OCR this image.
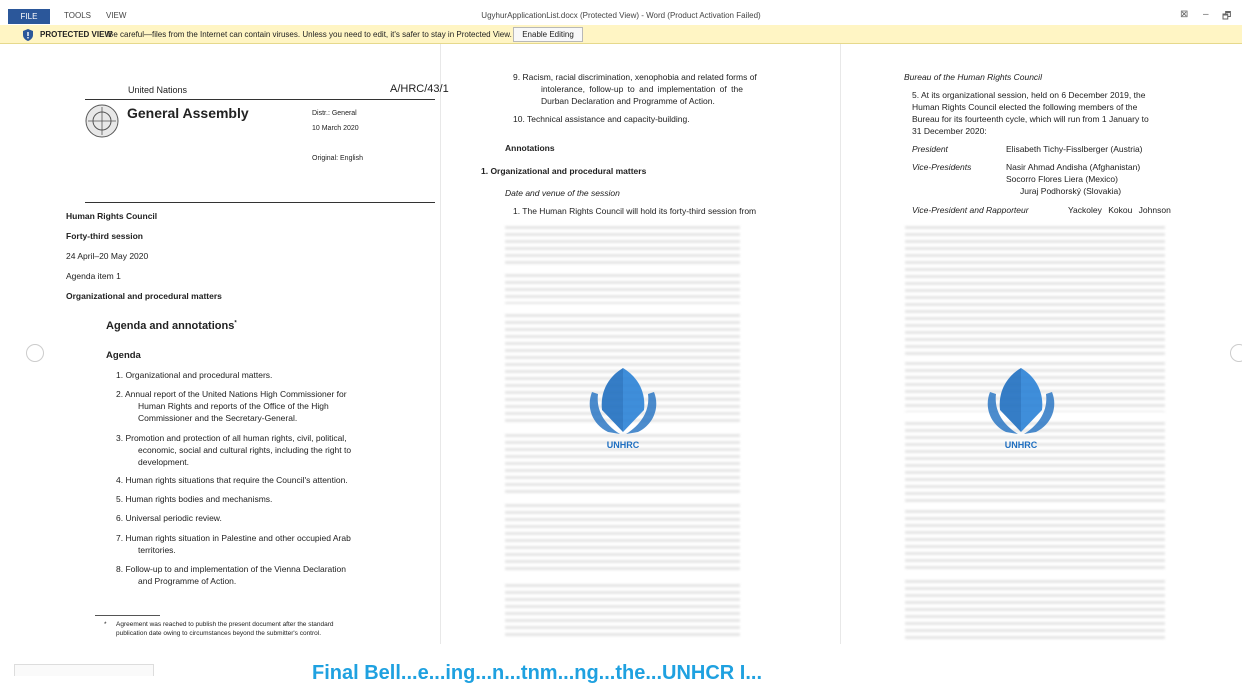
FILE	TOOLS VIEW	UgyhurApplicationList.docx (Protected View) - Word (Product Activation Failed)	⊠ – 🗗
PROTECTED VIEW
Be careful—files from the Internet can contain viruses. Unless you need to edit, it's safer to stay in Protected View.	Enable Editing
United Nations	A/HRC/43/1
General Assembly	Distr.: General
10 March 2020
Original: English
Human Rights Council
Forty-third session
24 April–20 May 2020
Agenda item 1
Organizational and procedural matters
Agenda and annotations*
Agenda
1. Organizational and procedural matters.
2. Annual report of the United Nations High Commissioner for
Human Rights and reports of the Office of the High
Commissioner and the Secretary-General.
3. Promotion and protection of all human rights, civil, political,
economic, social and cultural rights, including the right to
development.
4. Human rights situations that require the Council's attention.
5. Human rights bodies and mechanisms.
6. Universal periodic review.
7. Human rights situation in Palestine and other occupied Arab
territories.
8. Follow-up to and implementation of the Vienna Declaration
and Programme of Action.
* Agreement was reached to publish the present document after the standard
publication date owing to circumstances beyond the submitter's control.
9. Racism, racial discrimination, xenophobia and related forms of
intolerance, follow-up to and implementation of the
Durban Declaration and Programme of Action.
10. Technical assistance and capacity-building.
Annotations
1. Organizational and procedural matters
Date and venue of the session
1. The Human Rights Council will hold its forty-third session from
UNHRC
Bureau of the Human Rights Council
5. At its organizational session, held on 6 December 2019, the
Human Rights Council elected the following members of the
Bureau for its fourteenth cycle, which will run from 1 January to
31 December 2020:
President	Elisabeth Tichy-Fisslberger (Austria)
Vice-Presidents	Nasir Ahmad Andisha (Afghanistan)
Socorro Flores Liera (Mexico)
Juraj Podhorský (Slovakia)
Vice-President and Rapporteur	Yackoley Kokou Johnson
UNHRC
Final Bell...e...ing...n...tnm...ng...the...UNHCR I...
